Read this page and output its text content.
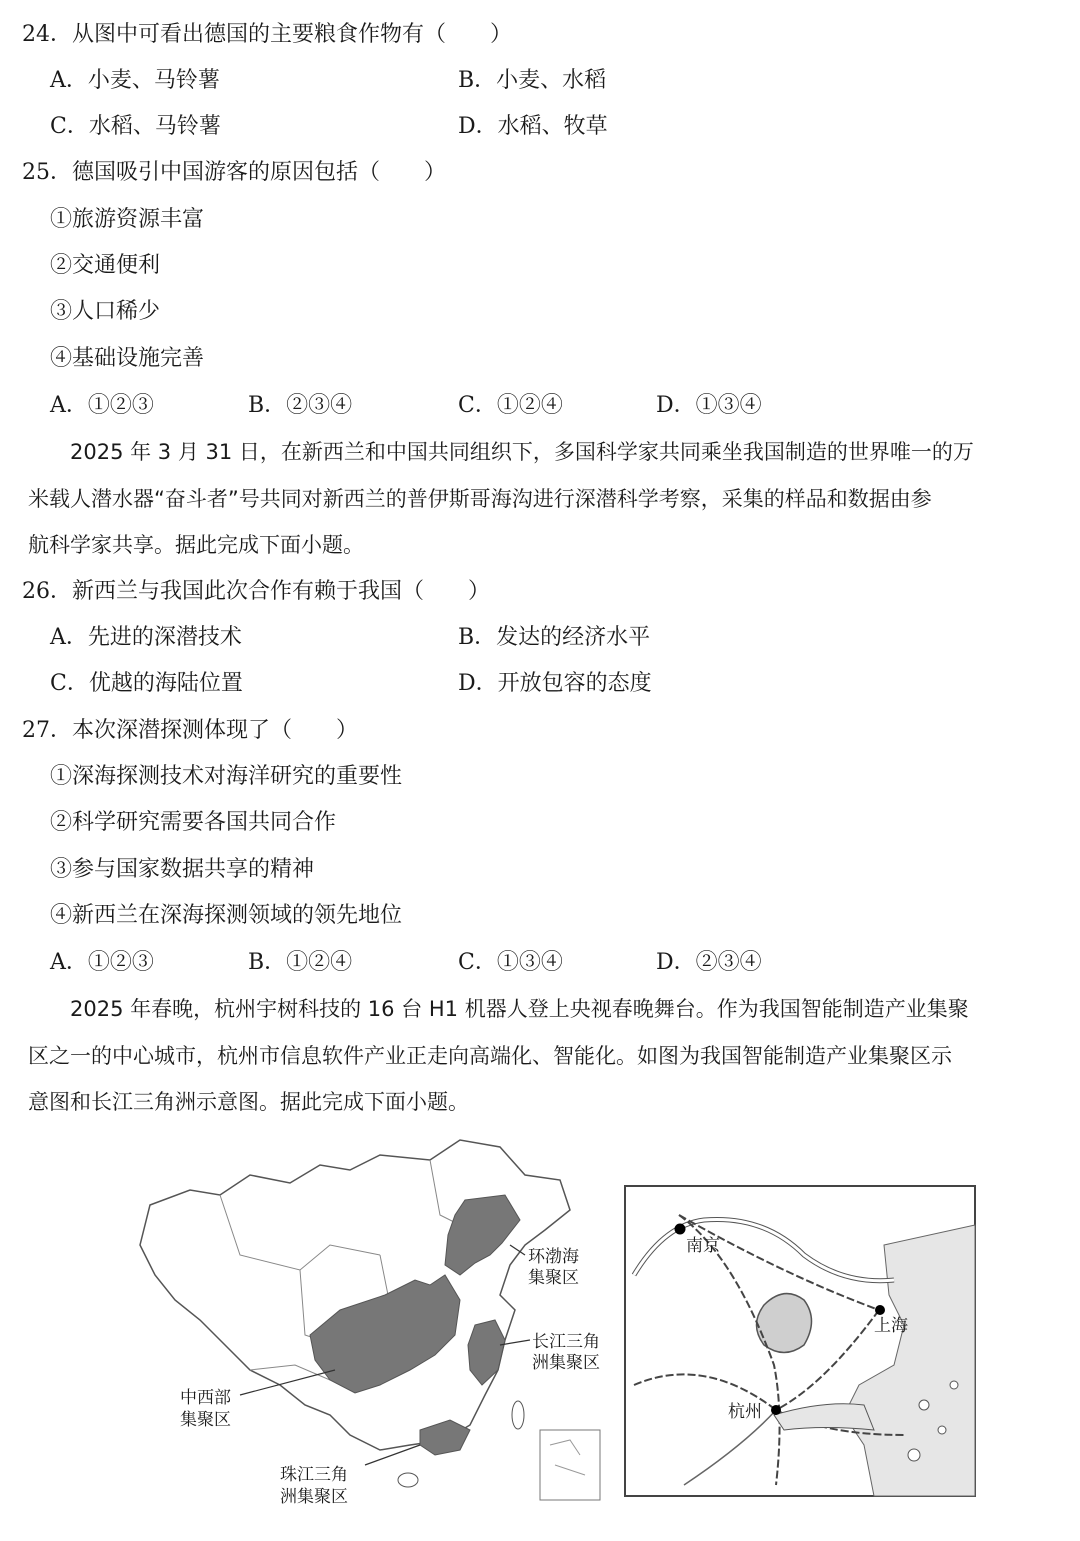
24．从图中可看出德国的主要粮食作物有（　　）
A．小麦、马铃薯	B．小麦、水稻
C．水稻、马铃薯	D．水稻、牧草
25．德国吸引中国游客的原因包括（　　）
①旅游资源丰富
②交通便利
③人口稀少
④基础设施完善
A．①②③	B．②③④	C．①②④	D．①③④
2025 年 3 月 31 日，在新西兰和中国共同组织下，多国科学家共同乘坐我国制造的世界唯一的万
米载人潜水器“奋斗者”号共同对新西兰的普伊斯哥海沟进行深潜科学考察，采集的样品和数据由参
航科学家共享。据此完成下面小题。
26．新西兰与我国此次合作有赖于我国（　　）
A．先进的深潜技术	B．发达的经济水平
C．优越的海陆位置	D．开放包容的态度
27．本次深潜探测体现了（　　）
①深海探测技术对海洋研究的重要性
②科学研究需要各国共同合作
③参与国家数据共享的精神
④新西兰在深海探测领域的领先地位
A．①②③	B．①②④	C．①③④	D．②③④
2025 年春晚，杭州宇树科技的 16 台 H1 机器人登上央视春晚舞台。作为我国智能制造产业集聚
区之一的中心城市，杭州市信息软件产业正走向高端化、智能化。如图为我国智能制造产业集聚区示
意图和长江三角洲示意图。据此完成下面小题。
环渤海
集聚区
长江三角
洲集聚区
中西部
集聚区
珠江三角
洲集聚区
南京
上海
杭州
